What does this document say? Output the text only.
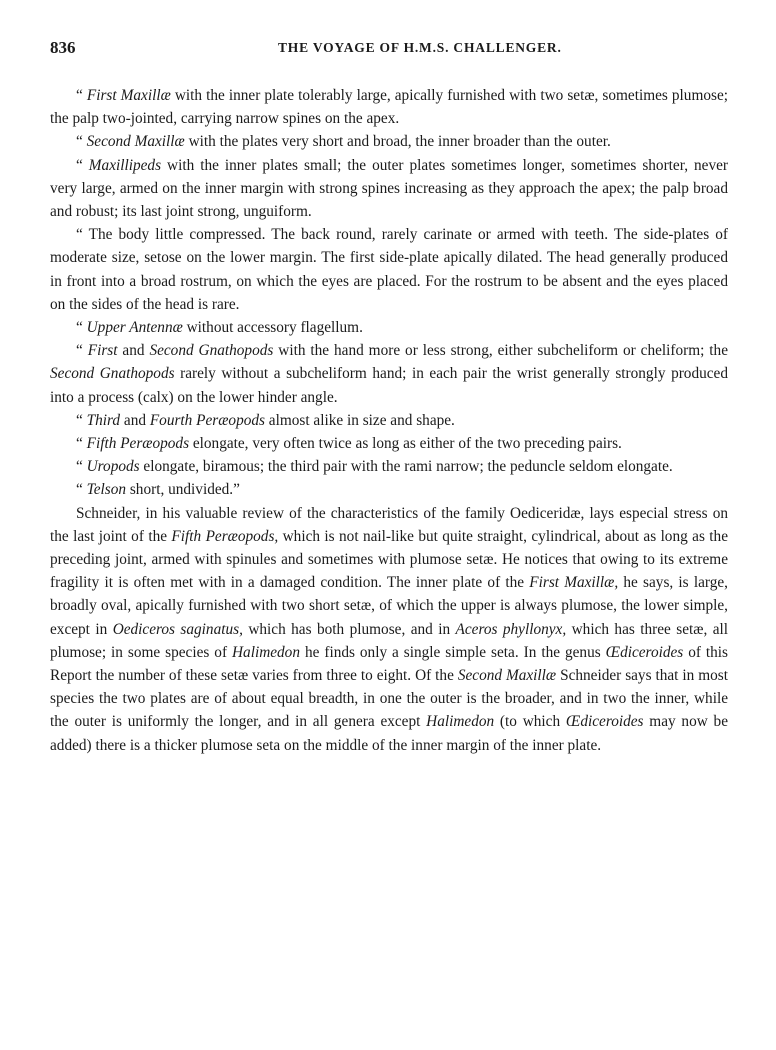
836	THE VOYAGE OF H.M.S. CHALLENGER.

“ First Maxillæ with the inner plate tolerably large, apically furnished with two setæ, sometimes plumose; the palp two-jointed, carrying narrow spines on the apex.

“ Second Maxillæ with the plates very short and broad, the inner broader than the outer.

“ Maxillipeds with the inner plates small; the outer plates sometimes longer, sometimes shorter, never very large, armed on the inner margin with strong spines increasing as they approach the apex; the palp broad and robust; its last joint strong, unguiform.

“ The body little compressed. The back round, rarely carinate or armed with teeth. The side-plates of moderate size, setose on the lower margin. The first side-plate apically dilated. The head generally produced in front into a broad rostrum, on which the eyes are placed. For the rostrum to be absent and the eyes placed on the sides of the head is rare.

“ Upper Antennæ without accessory flagellum.

“ First and Second Gnathopods with the hand more or less strong, either subcheliform or cheliform; the Second Gnathopods rarely without a subcheliform hand; in each pair the wrist generally strongly produced into a process (calx) on the lower hinder angle.

“ Third and Fourth Peræopods almost alike in size and shape.

“ Fifth Peræopods elongate, very often twice as long as either of the two preceding pairs.

“ Uropods elongate, biramous; the third pair with the rami narrow; the peduncle seldom elongate.

“ Telson short, undivided.”

Schneider, in his valuable review of the characteristics of the family Oediceridæ, lays especial stress on the last joint of the Fifth Peræopods, which is not nail-like but quite straight, cylindrical, about as long as the preceding joint, armed with spinules and sometimes with plumose setæ. He notices that owing to its extreme fragility it is often met with in a damaged condition. The inner plate of the First Maxillæ, he says, is large, broadly oval, apically furnished with two short setæ, of which the upper is always plumose, the lower simple, except in Oediceros saginatus, which has both plumose, and in Aceros phyllonyx, which has three setæ, all plumose; in some species of Halimedon he finds only a single simple seta. In the genus Œdiceroides of this Report the number of these setæ varies from three to eight. Of the Second Maxillæ Schneider says that in most species the two plates are of about equal breadth, in one the outer is the broader, and in two the inner, while the outer is uniformly the longer, and in all genera except Halimedon (to which Œdiceroides may now be added) there is a thicker plumose seta on the middle of the inner margin of the inner plate.
